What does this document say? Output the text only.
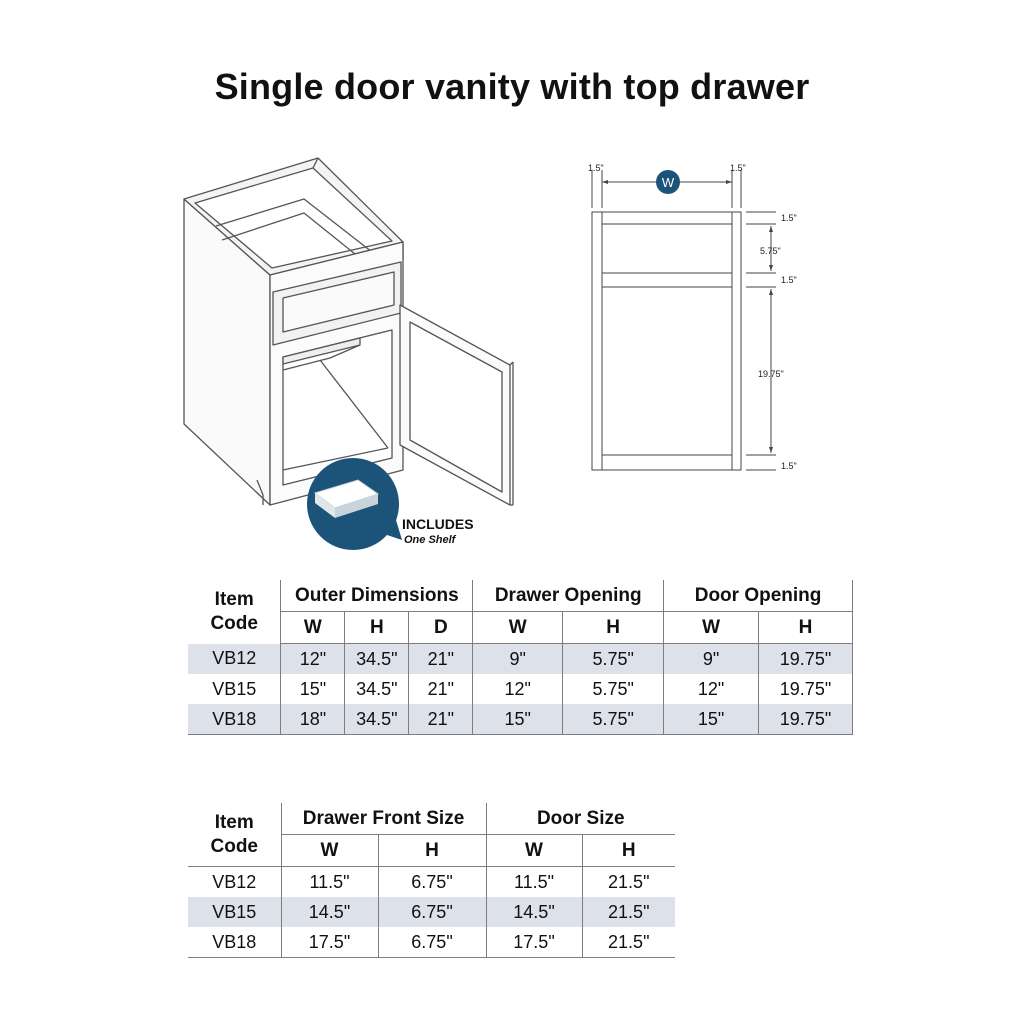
Single door vanity with top drawer
INCLUDES
One Shelf
W
1.5"	1.5"
1.5"
5.75"
1.5"
19.75"
1.5"
Item
Code	Outer Dimensions			Drawer Opening		Door Opening	
	W	H	D	W	H	W	H
VB12	12"	34.5"	21"	9"	5.75"	9"	19.75"
VB15	15"	34.5"	21"	12"	5.75"	12"	19.75"
VB18	18"	34.5"	21"	15"	5.75"	15"	19.75"
Item
Code	Drawer Front Size		Door Size	
	W	H	W	H
VB12	11.5"	6.75"	11.5"	21.5"
VB15	14.5"	6.75"	14.5"	21.5"
VB18	17.5"	6.75"	17.5"	21.5"
